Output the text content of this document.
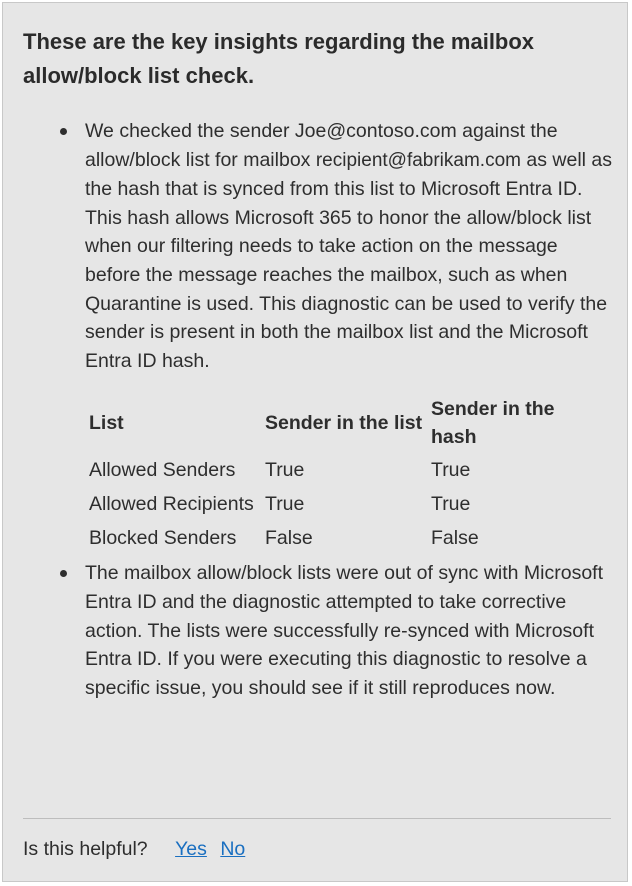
These are the key insights regarding the mailbox allow/block list check.

We checked the sender Joe@contoso.com against the allow/block list for mailbox recipient@fabrikam.com as well as the hash that is synced from this list to Microsoft Entra ID. This hash allows Microsoft 365 to honor the allow/block list when our filtering needs to take action on the message before the message reaches the mailbox, such as when Quarantine is used. This diagnostic can be used to verify the sender is present in both the mailbox list and the Microsoft Entra ID hash.

List	Sender in the list	Sender in the hash
Allowed Senders	True	True
Allowed Recipients	True	True
Blocked Senders	False	False

The mailbox allow/block lists were out of sync with Microsoft Entra ID and the diagnostic attempted to take corrective action. The lists were successfully re-synced with Microsoft Entra ID. If you were executing this diagnostic to resolve a specific issue, you should see if it still reproduces now.

Is this helpful? Yes No
